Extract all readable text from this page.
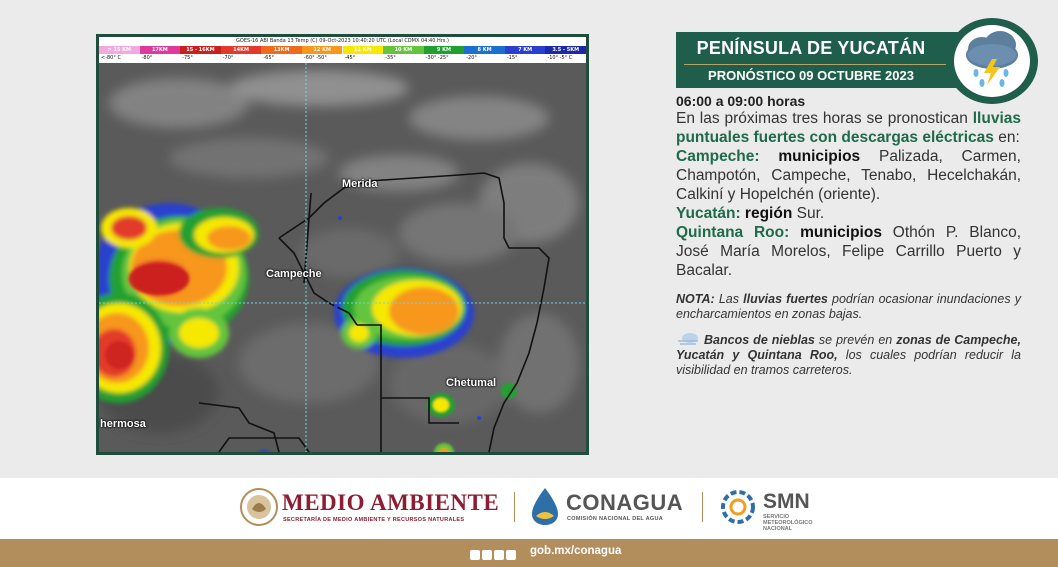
GOES-16 ABI Banda 13 Temp (C) 09-Oct-2023 10:40:20 UTC (Local CDMX 04:40 Hrs.)
> 15 KM
<-80° C
17KM
-80°
15 - 16KM
-75°
14KM
-70°
13KM
-65°
12 KM
-60° -50°
11 KM
-45°
10 KM
-35°
9 KM
-30° -25°
8 KM
-20°
7 KM
-15°
3.5 - 5KM
-10° -5° C
Merida
Campeche
Chetumal
hermosa
PENÍNSULA DE YUCATÁN
PRONÓSTICO 09 OCTUBRE 2023
06:00 a 09:00 horas

En las próximas tres horas se pronostican lluvias puntuales fuertes con descargas eléctricas en:

Campeche: municipios Palizada, Carmen, Champotón, Campeche, Tenabo, Hecelchakán, Calkiní y Hopelchén (oriente).

Yucatán: región Sur.

Quintana Roo: municipios Othón P. Blanco, José María Morelos, Felipe Carrillo Puerto y Bacalar.

NOTA: Las lluvias fuertes podrían ocasionar inundaciones y encharcamientos en zonas bajas.

Bancos de nieblas se prevén en zonas de Campeche, Yucatán y Quintana Roo, los cuales podrían reducir la visibilidad en tramos carreteros.

MEDIO AMBIENTE
SECRETARÍA DE MEDIO AMBIENTE Y RECURSOS NATURALES
CONAGUA
COMISIÓN NACIONAL DEL AGUA
SMN
SERVICIO METEOROLÓGICO NACIONAL
gob.mx/conagua
